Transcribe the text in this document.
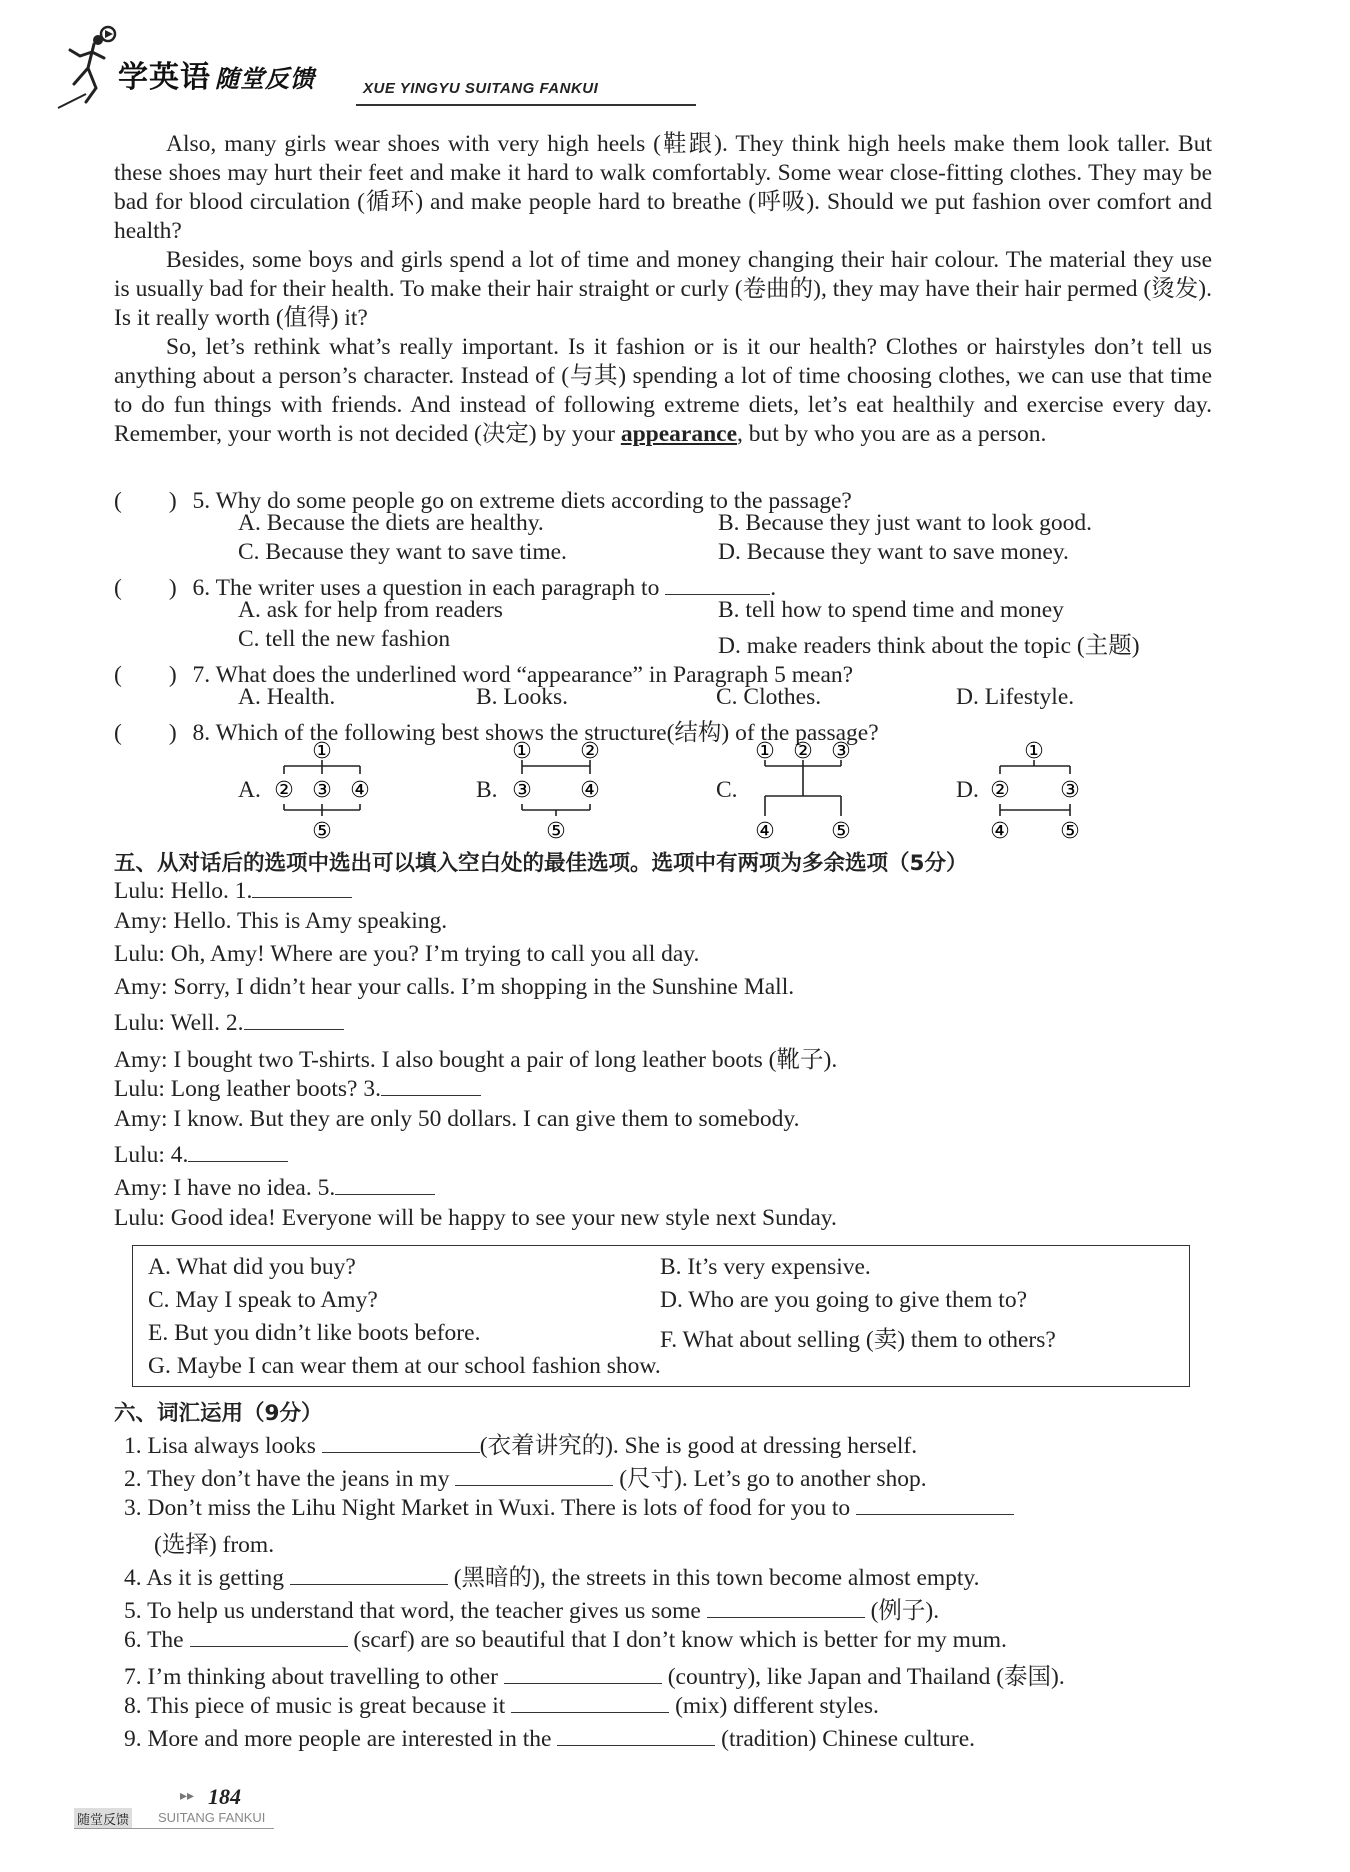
学英语 随堂反馈	XUE YINGYU SUITANG FANKUI

Also, many girls wear shoes with very high heels (鞋跟). They think high heels make them look taller. But these shoes may hurt their feet and make it hard to walk comfortably. Some wear close-fitting clothes. They may be bad for blood circulation (循环) and make people hard to breathe (呼吸). Should we put fashion over comfort and health?

Besides, some boys and girls spend a lot of time and money changing their hair colour. The material they use is usually bad for their health. To make their hair straight or curly (卷曲的), they may have their hair permed (烫发). Is it really worth (值得) it?

So, let’s rethink what’s really important. Is it fashion or is it our health? Clothes or hairstyles don’t tell us anything about a person’s character. Instead of (与其) spending a lot of time choosing clothes, we can use that time to do fun things with friends. And instead of following extreme diets, let’s eat healthily and exercise every day. Remember, your worth is not decided (决定) by your appearance, but by who you are as a person.

(　　) 5. Why do some people go on extreme diets according to the passage?
A. Because the diets are healthy.	B. Because they just want to look good.
C. Because they want to save time.	D. Because they want to save money.
(　　) 6. The writer uses a question in each paragraph to	.
A. ask for help from readers	B. tell how to spend time and money
C. tell the new fashion	D. make readers think about the topic (主题)
(　　) 7. What does the underlined word “appearance” in Paragraph 5 mean?
A. Health.	B. Looks.	C. Clothes.	D. Lifestyle.
(　　) 8. Which of the following best shows the structure(结构) of the passage?
A.	B.	C.	D.
①
② ③ ④
⑤
① ②
③ ④
⑤
① ② ③
④	⑤
①
② ③
④ ⑤
五、从对话后的选项中选出可以填入空白处的最佳选项。选项中有两项为多余选项（5分）
Lulu: Hello. 1.
Amy: Hello. This is Amy speaking.
Lulu: Oh, Amy! Where are you? I’m trying to call you all day.
Amy: Sorry, I didn’t hear your calls. I’m shopping in the Sunshine Mall.
Lulu: Well. 2.
Amy: I bought two T-shirts. I also bought a pair of long leather boots (靴子).
Lulu: Long leather boots? 3.
Amy: I know. But they are only 50 dollars. I can give them to somebody.
Lulu: 4.
Amy: I have no idea. 5.
Lulu: Good idea! Everyone will be happy to see your new style next Sunday.
A. What did you buy?	B. It’s very expensive.
C. May I speak to Amy?	D. Who are you going to give them to?
E. But you didn’t like boots before.	F. What about selling (卖) them to others?
G. Maybe I can wear them at our school fashion show.
六、词汇运用（9分）
1. Lisa always looks	(衣着讲究的). She is good at dressing herself.
2. They don’t have the jeans in my	(尺寸). Let’s go to another shop.
3. Don’t miss the Lihu Night Market in Wuxi. There is lots of food for you to
(选择) from.
4. As it is getting	(黑暗的), the streets in this town become almost empty.
5. To help us understand that word, the teacher gives us some	(例子).
6. The	(scarf) are so beautiful that I don’t know which is better for my mum.
7. I’m thinking about travelling to other	(country), like Japan and Thailand (泰国).
8. This piece of music is great because it	(mix) different styles.
9. More and more people are interested in the	(tradition) Chinese culture.
▸▸ 184
随堂反馈 SUITANG FANKUI
